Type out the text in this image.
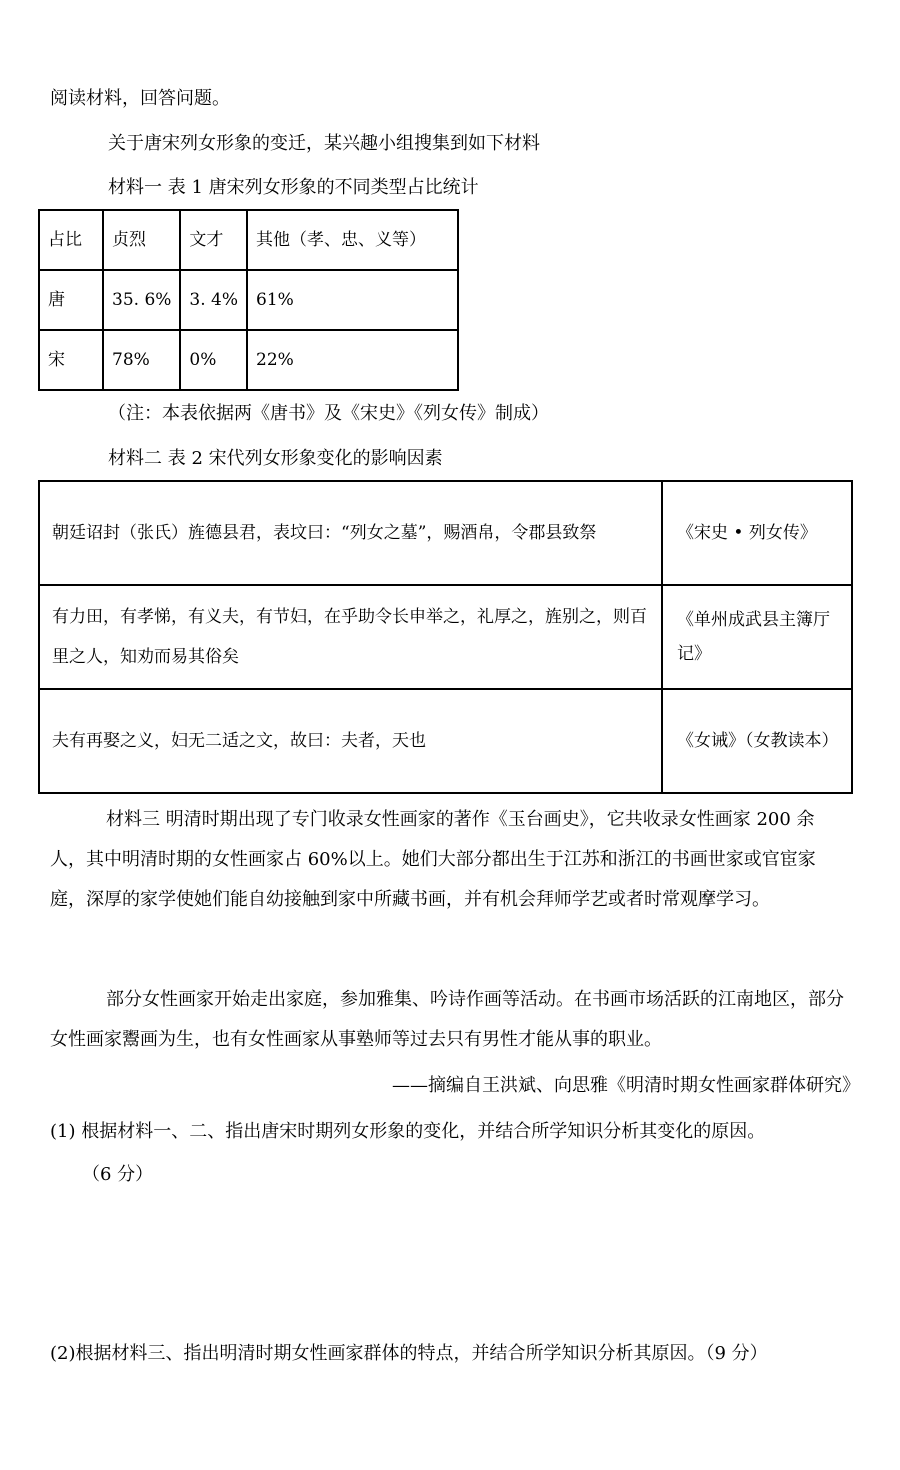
阅读材料，回答问题。
关于唐宋列女形象的变迁，某兴趣小组搜集到如下材料
材料一 表 1 唐宋列女形象的不同类型占比统计
占比	贞烈	文才	其他（孝、忠、义等）
唐	35. 6%	3. 4%	61%
宋	78%	0%	22%
（注：本表依据两《唐书》及《宋史》《列女传》制成）
材料二 表 2 宋代列女形象变化的影响因素
朝廷诏封（张氏）旌德县君，表坟曰：“列女之墓”，赐酒帛，令郡县致祭	《宋史 • 列女传》
有力田，有孝悌，有义夫，有节妇，在乎助令长申举之，礼厚之，旌别之，则百里之人，知劝而易其俗矣	《单州成武县主簿厅记》
夫有再娶之义，妇无二适之文，故曰：夫者，天也	《女诫》（女教读本）
材料三 明清时期出现了专门收录女性画家的著作《玉台画史》，它共收录女性画家 200 余人，其中明清时期的女性画家占 60%以上。她们大部分都出生于江苏和浙江的书画世家或官宦家庭，深厚的家学使她们能自幼接触到家中所藏书画，并有机会拜师学艺或者时常观摩学习。
部分女性画家开始走出家庭，参加雅集、吟诗作画等活动。在书画市场活跃的江南地区，部分女性画家鬻画为生，也有女性画家从事塾师等过去只有男性才能从事的职业。
——摘编自王洪斌、向思雅《明清时期女性画家群体研究》
(1) 根据材料一、二、指出唐宋时期列女形象的变化，并结合所学知识分析其变化的原因。
（6 分）
(2)根据材料三、指出明清时期女性画家群体的特点，并结合所学知识分析其原因。（9 分）
